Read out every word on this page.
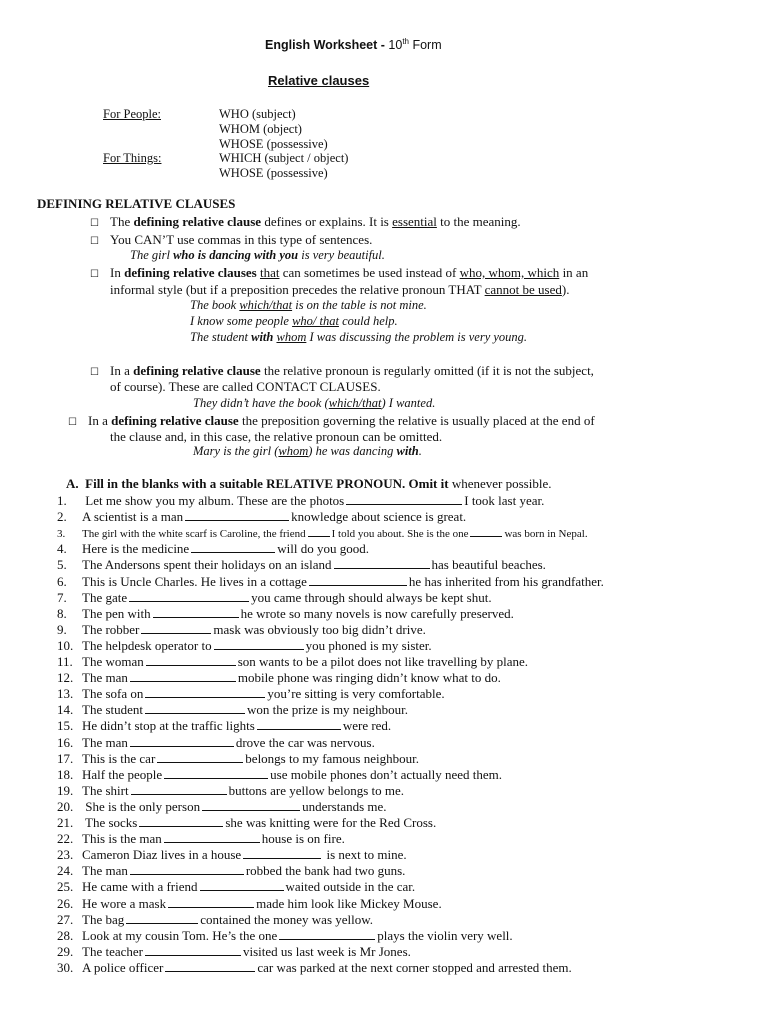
English Worksheet - 10th Form
Relative clauses
For People:	WHO (subject)
WHOM (object)
WHOSE (possessive)
For Things:	WHICH (subject / object)
WHOSE (possessive)
DEFINING RELATIVE CLAUSES
☐ The defining relative clause defines or explains. It is essential to the meaning.
☐ You CAN’T use commas in this type of sentences.
The girl who is dancing with you is very beautiful.
☐ In defining relative clauses that can sometimes be used instead of who, whom, which in an
informal style (but if a preposition precedes the relative pronoun THAT cannot be used).
The book which/that is on the table is not mine.
I know some people who/ that could help.
The student with whom I was discussing the problem is very young.
☐ In a defining relative clause the relative pronoun is regularly omitted (if it is not the subject,
of course). These are called CONTACT CLAUSES.
They didn’t have the book (which/that) I wanted.
☐ In a defining relative clause the preposition governing the relative is usually placed at the end of
the clause and, in this case, the relative pronoun can be omitted.
Mary is the girl (whom) he was dancing with.
A. Fill in the blanks with a suitable RELATIVE PRONOUN. Omit it whenever possible.
1. Let me show you my album. These are the photos	I took last year.
2. A scientist is a man	knowledge about science is great.
3. The girl with the white scarf is Caroline, the friend I told you about. She is the one	was born in Nepal.
4. Here is the medicine	will do you good.
5. The Andersons spent their holidays on an island	has beautiful beaches.
6. This is Uncle Charles. He lives in a cottage	he has inherited from his grandfather.
7. The gate	you came through should always be kept shut.
8. The pen with	he wrote so many novels is now carefully preserved.
9. The robber	mask was obviously too big didn’t drive.
10. The helpdesk operator to	you phoned is my sister.
11. The woman	son wants to be a pilot does not like travelling by plane.
12. The man	mobile phone was ringing didn’t know what to do.
13. The sofa on	you’re sitting is very comfortable.
14. The student	won the prize is my neighbour.
15. He didn’t stop at the traffic lights	were red.
16. The man	drove the car was nervous.
17. This is the car	belongs to my famous neighbour.
18. Half the people	use mobile phones don’t actually need them.
19. The shirt	buttons are yellow belongs to me.
20. She is the only person	understands me.
21. The socks	she was knitting were for the Red Cross.
22. This is the man	house is on fire.
23. Cameron Diaz lives in a house	is next to mine.
24. The man	robbed the bank had two guns.
25. He came with a friend	waited outside in the car.
26. He wore a mask	made him look like Mickey Mouse.
27. The bag	contained the money was yellow.
28. Look at my cousin Tom. He’s the one	plays the violin very well.
29. The teacher	visited us last week is Mr Jones.
30. A police officer	car was parked at the next corner stopped and arrested them.
